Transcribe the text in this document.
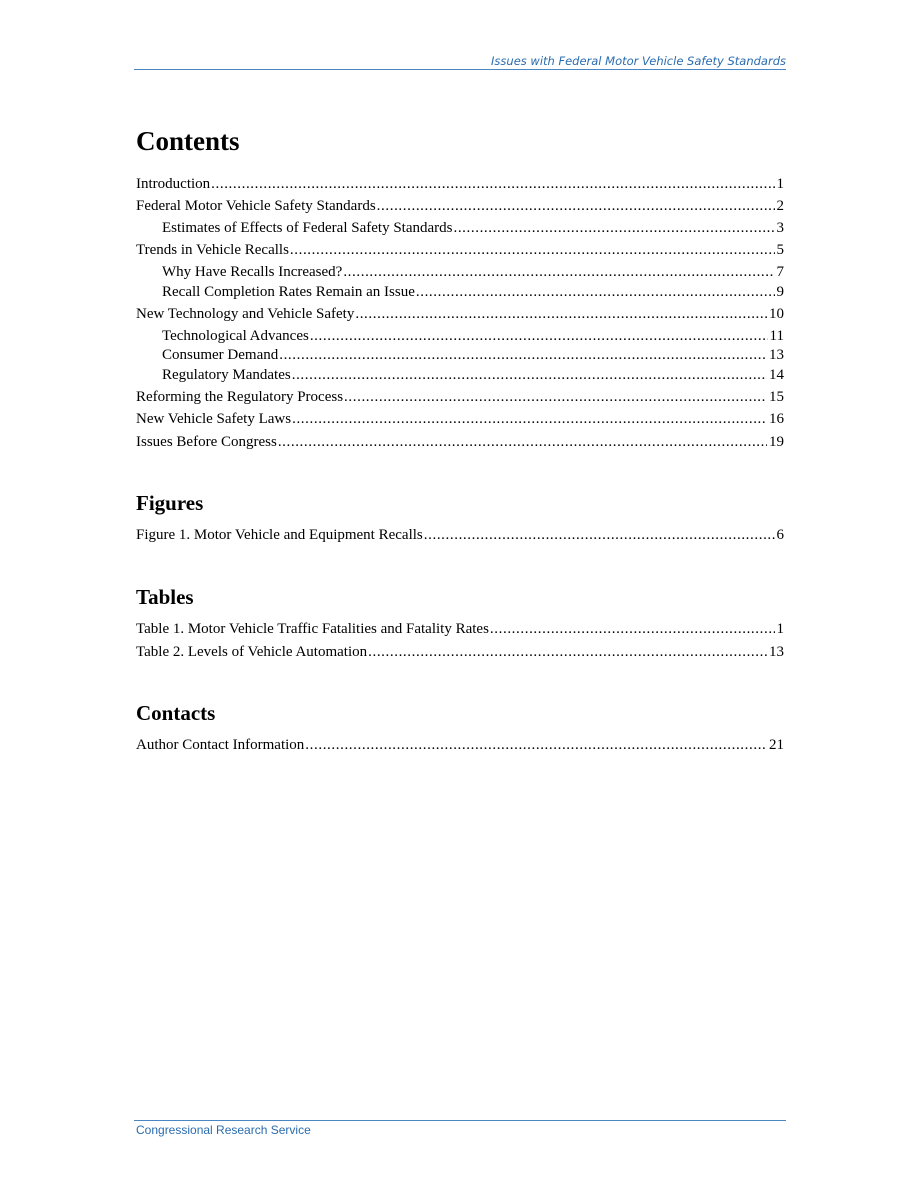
Issues with Federal Motor Vehicle Safety Standards
Contents
Introduction .....	1
Federal Motor Vehicle Safety Standards .....	2
Estimates of Effects of Federal Safety Standards .....	3
Trends in Vehicle Recalls .....	5
Why Have Recalls Increased? .....	7
Recall Completion Rates Remain an Issue .....	9
New Technology and Vehicle Safety .....	10
Technological Advances .....	11
Consumer Demand .....	13
Regulatory Mandates .....	14
Reforming the Regulatory Process .....	15
New Vehicle Safety Laws .....	16
Issues Before Congress .....	19
Figures
Figure 1. Motor Vehicle and Equipment Recalls .....	6
Tables
Table 1. Motor Vehicle Traffic Fatalities and Fatality Rates .....	1
Table 2. Levels of Vehicle Automation .....	13
Contacts
Author Contact Information .....	21
Congressional Research Service
